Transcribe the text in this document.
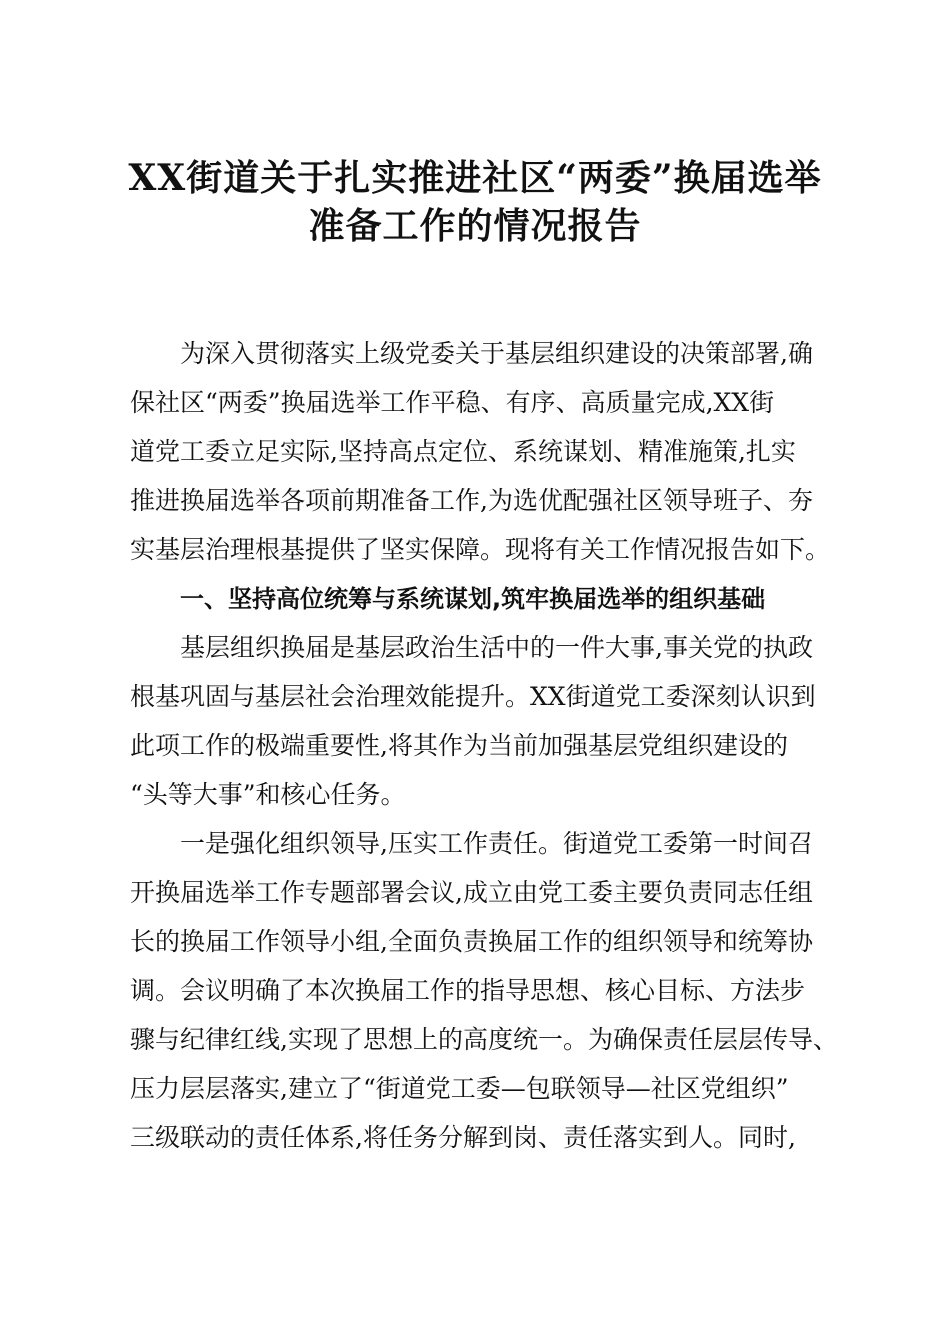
XX街道关于扎实推进社区“两委”换届选举
准备工作的情况报告

为深入贯彻落实上级党委关于基层组织建设的决策部署,确

保社区“两委”换届选举工作平稳、有序、高质量完成,XX街

道党工委立足实际,坚持高点定位、系统谋划、精准施策,扎实

推进换届选举各项前期准备工作,为选优配强社区领导班子、夯

实基层治理根基提供了坚实保障。现将有关工作情况报告如下。

一、坚持高位统筹与系统谋划,筑牢换届选举的组织基础

基层组织换届是基层政治生活中的一件大事,事关党的执政

根基巩固与基层社会治理效能提升。XX街道党工委深刻认识到

此项工作的极端重要性,将其作为当前加强基层党组织建设的

“头等大事”和核心任务。

一是强化组织领导,压实工作责任。街道党工委第一时间召

开换届选举工作专题部署会议,成立由党工委主要负责同志任组

长的换届工作领导小组,全面负责换届工作的组织领导和统筹协

调。会议明确了本次换届工作的指导思想、核心目标、方法步

骤与纪律红线,实现了思想上的高度统一。为确保责任层层传导、

压力层层落实,建立了“街道党工委—包联领导—社区党组织”

三级联动的责任体系,将任务分解到岗、责任落实到人。同时,
